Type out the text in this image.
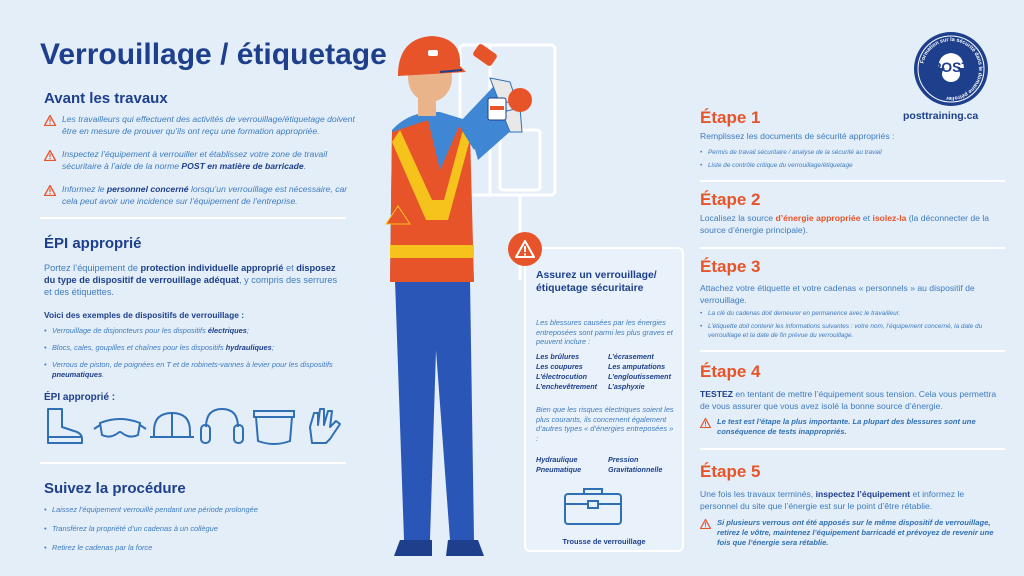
Verrouillage / étiquetage
Avant les travaux
Les travailleurs qui effectuent des activités de verrouillage/étiquetage doivent être en mesure de prouver qu’ils ont reçu une formation appropriée.
Inspectez l’équipement à verrouiller et établissez votre zone de travail sécuritaire à l’aide de la norme POST en matière de barricade.
Informez le personnel concerné lorsqu’un verrouillage est nécessaire, car cela peut avoir une incidence sur l’équipement de l’entreprise.
ÉPI approprié

Portez l’équipement de protection individuelle approprié et disposez du type de dispositif de verrouillage adéquat, y compris des serrures et des étiquettes.

Voici des exemples de dispositifs de verrouillage :

• Verrouillage de disjoncteurs pour les dispositifs électriques;
• Blocs, cales, goupilles et chaînes pour les dispositifs hydrauliques;
• Verrous de piston, de poignées en T et de robinets-vannes à levier pour les dispositifs pneumatiques.

ÉPI approprié :

Suivez la procédure
• Laissez l’équipement verrouillé pendant une période prolongée
• Transférez la propriété d’un cadenas à un collègue
• Retirez le cadenas par la force
Assurez un verrouillage/étiquetage sécuritaire

Les blessures causées par les énergies entreposées sont parmi les plus graves et peuvent inclure :

Les brûlures	L’écrasement
Les coupures	Les amputations
L’électrocution	L’engloutissement
L’enchevêtrement	L’asphyxie

Bien que les risques électriques soient les plus courants, ils concernent également d’autres types « d’énergies entreposées » :

Hydraulique	Pression
Pneumatique	Gravitationnelle

Trousse de verrouillage

Formation sur la sécurité dans le domaine pétrolier
POST

posttraining.ca

Étape 1

Remplissez les documents de sécurité appropriés :

• Permis de travail sécuritaire / analyse de la sécurité au travail
• Liste de contrôle critique du verrouillage/étiquetage
Étape 2

Localisez la source d’énergie appropriée et isolez-la (la déconnecter de la source d’énergie principale).

Étape 3

Attachez votre étiquette et votre cadenas « personnels » au dispositif de verrouillage.

• La clé du cadenas doit demeurer en permanence avec le travailleur.
• L’étiquette doit contenir les informations suivantes : votre nom, l’équipement concerné, la date du verrouillage et la date de fin prévue du verrouillage.
Étape 4

TESTEZ en tentant de mettre l’équipement sous tension. Cela vous permettra de vous assurer que vous avez isolé la bonne source d’énergie.

Le test est l’étape la plus importante. La plupart des blessures sont une conséquence de tests inappropriés.
Étape 5

Une fois les travaux terminés, inspectez l’équipement et informez le personnel du site que l’énergie est sur le point d’être rétablie.

Si plusieurs verrous ont été apposés sur le même dispositif de verrouillage, retirez le vôtre, maintenez l’équipement barricadé et prévoyez de revenir une fois que l’énergie sera rétablie.
